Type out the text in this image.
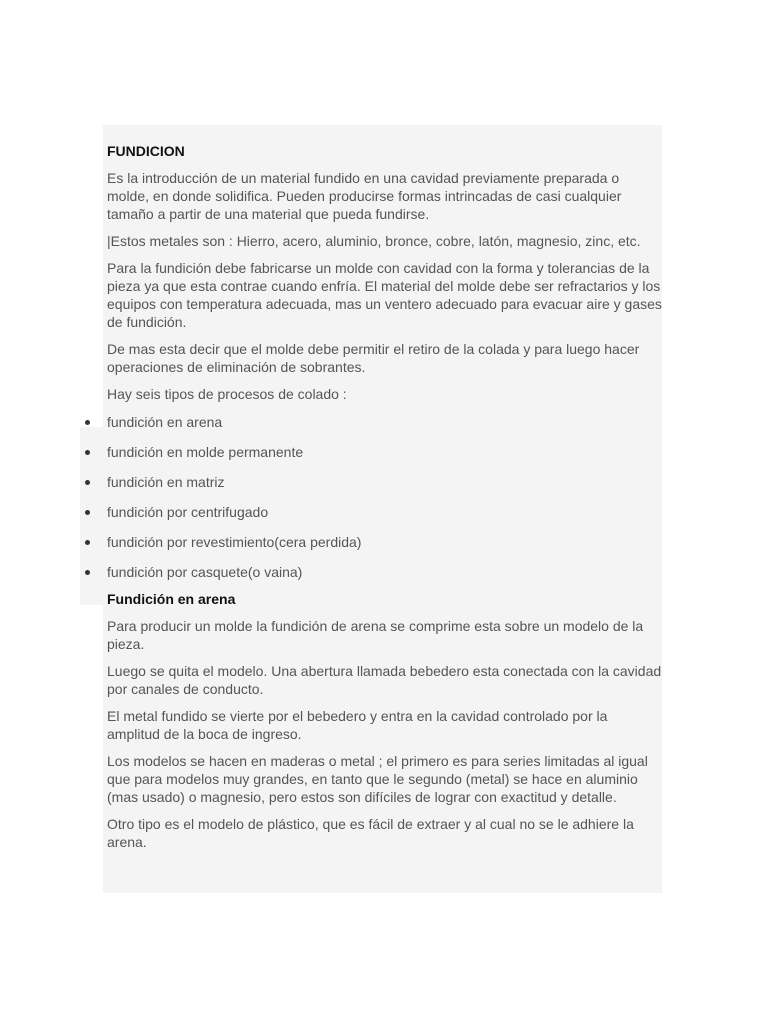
FUNDICION

Es la introducción de un material fundido en una cavidad previamente preparada o molde, en donde solidifica. Pueden producirse formas intrincadas de casi cualquier tamaño a partir de una material que pueda fundirse.

|Estos metales son : Hierro, acero, aluminio, bronce, cobre, latón, magnesio, zinc, etc.

Para la fundición debe fabricarse un molde con cavidad con la forma y tolerancias de la pieza ya que esta contrae cuando enfría. El material del molde debe ser refractarios y los equipos con temperatura adecuada, mas un ventero adecuado para evacuar aire y gases de fundición.

De mas esta decir que el molde debe permitir el retiro de la colada y para luego hacer operaciones de eliminación de sobrantes.

Hay seis tipos de procesos de colado :

fundición en arena
fundición en molde permanente
fundición en matriz
fundición por centrifugado
fundición por revestimiento(cera perdida)
fundición por casquete(o vaina)
Fundición en arena

Para producir un molde la fundición de arena se comprime esta sobre un modelo de la pieza.

Luego se quita el modelo. Una abertura llamada bebedero esta conectada con la cavidad por canales de conducto.

El metal fundido se vierte por el bebedero y entra en la cavidad controlado por la amplitud de la boca de ingreso.

Los modelos se hacen en maderas o metal ; el primero es para series limitadas al igual que para modelos muy grandes, en tanto que le segundo (metal) se hace en aluminio (mas usado) o magnesio, pero estos son difíciles de lograr con exactitud y detalle.

Otro tipo es el modelo de plástico, que es fácil de extraer y al cual no se le adhiere la arena.
